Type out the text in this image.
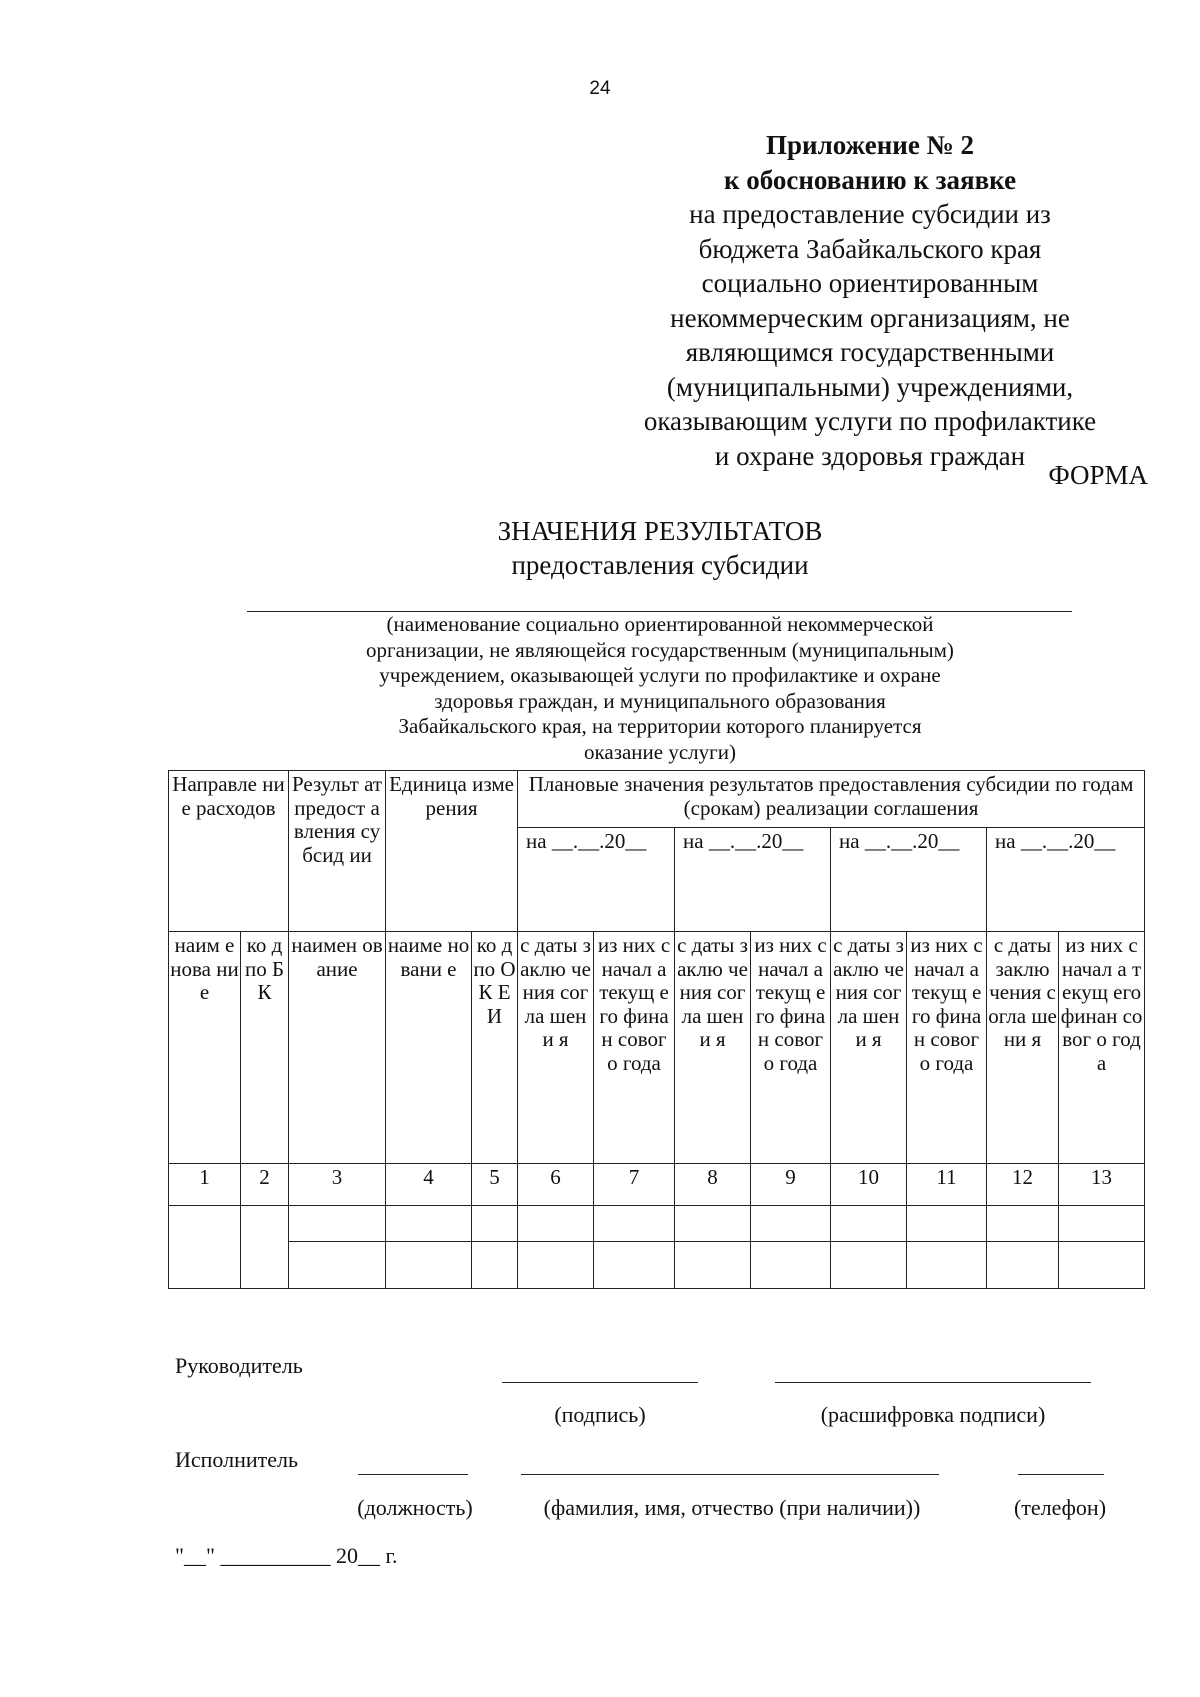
24
Приложение № 2
к обоснованию к заявке
на предоставление субсидии из
бюджета Забайкальского края
социально ориентированным
некоммерческим организациям, не
являющимся государственными
(муниципальными) учреждениями,
оказывающим услуги по профилактике
и охране здоровья граждан
ФОРМА
ЗНАЧЕНИЯ РЕЗУЛЬТАТОВ
предоставления субсидии
(наименование социально ориентированной некоммерческой
организации, не являющейся государственным (муниципальным)
учреждением, оказывающей услуги по профилактике и охране
здоровья граждан, и муниципального образования
Забайкальского края, на территории которого планируется
оказание услуги)
Направле ние расходов		Результ ат предост авления субсид ии	Единица измерения		Плановые значения результатов предоставления субсидии по годам (срокам) реализации соглашения							
					на __.__.20__		на __.__.20__		на __.__.20__		на __.__.20__	
наим енова ние	ко д по БК	наимен ование	наиме новани е	ко д по ОК ЕИ	с даты заклю чения согла шени я	из них с начал а текущ его финан совог о года	с даты заклю чения согла шени я	из них с начал а текущ его финан совог о года	с даты заклю чения согла шени я	из них с начал а текущ его финан совог о года	с даты заклю чения согла шени я	из них с начал а текущ его финан совог о года
1	2	3	4	5	6	7	8	9	10	11	12	13

Руководитель
(подпись)	(расшифровка подписи)
Исполнитель
(должность)	(фамилия, имя, отчество (при наличии))	(телефон)
"__" __________ 20__ г.
